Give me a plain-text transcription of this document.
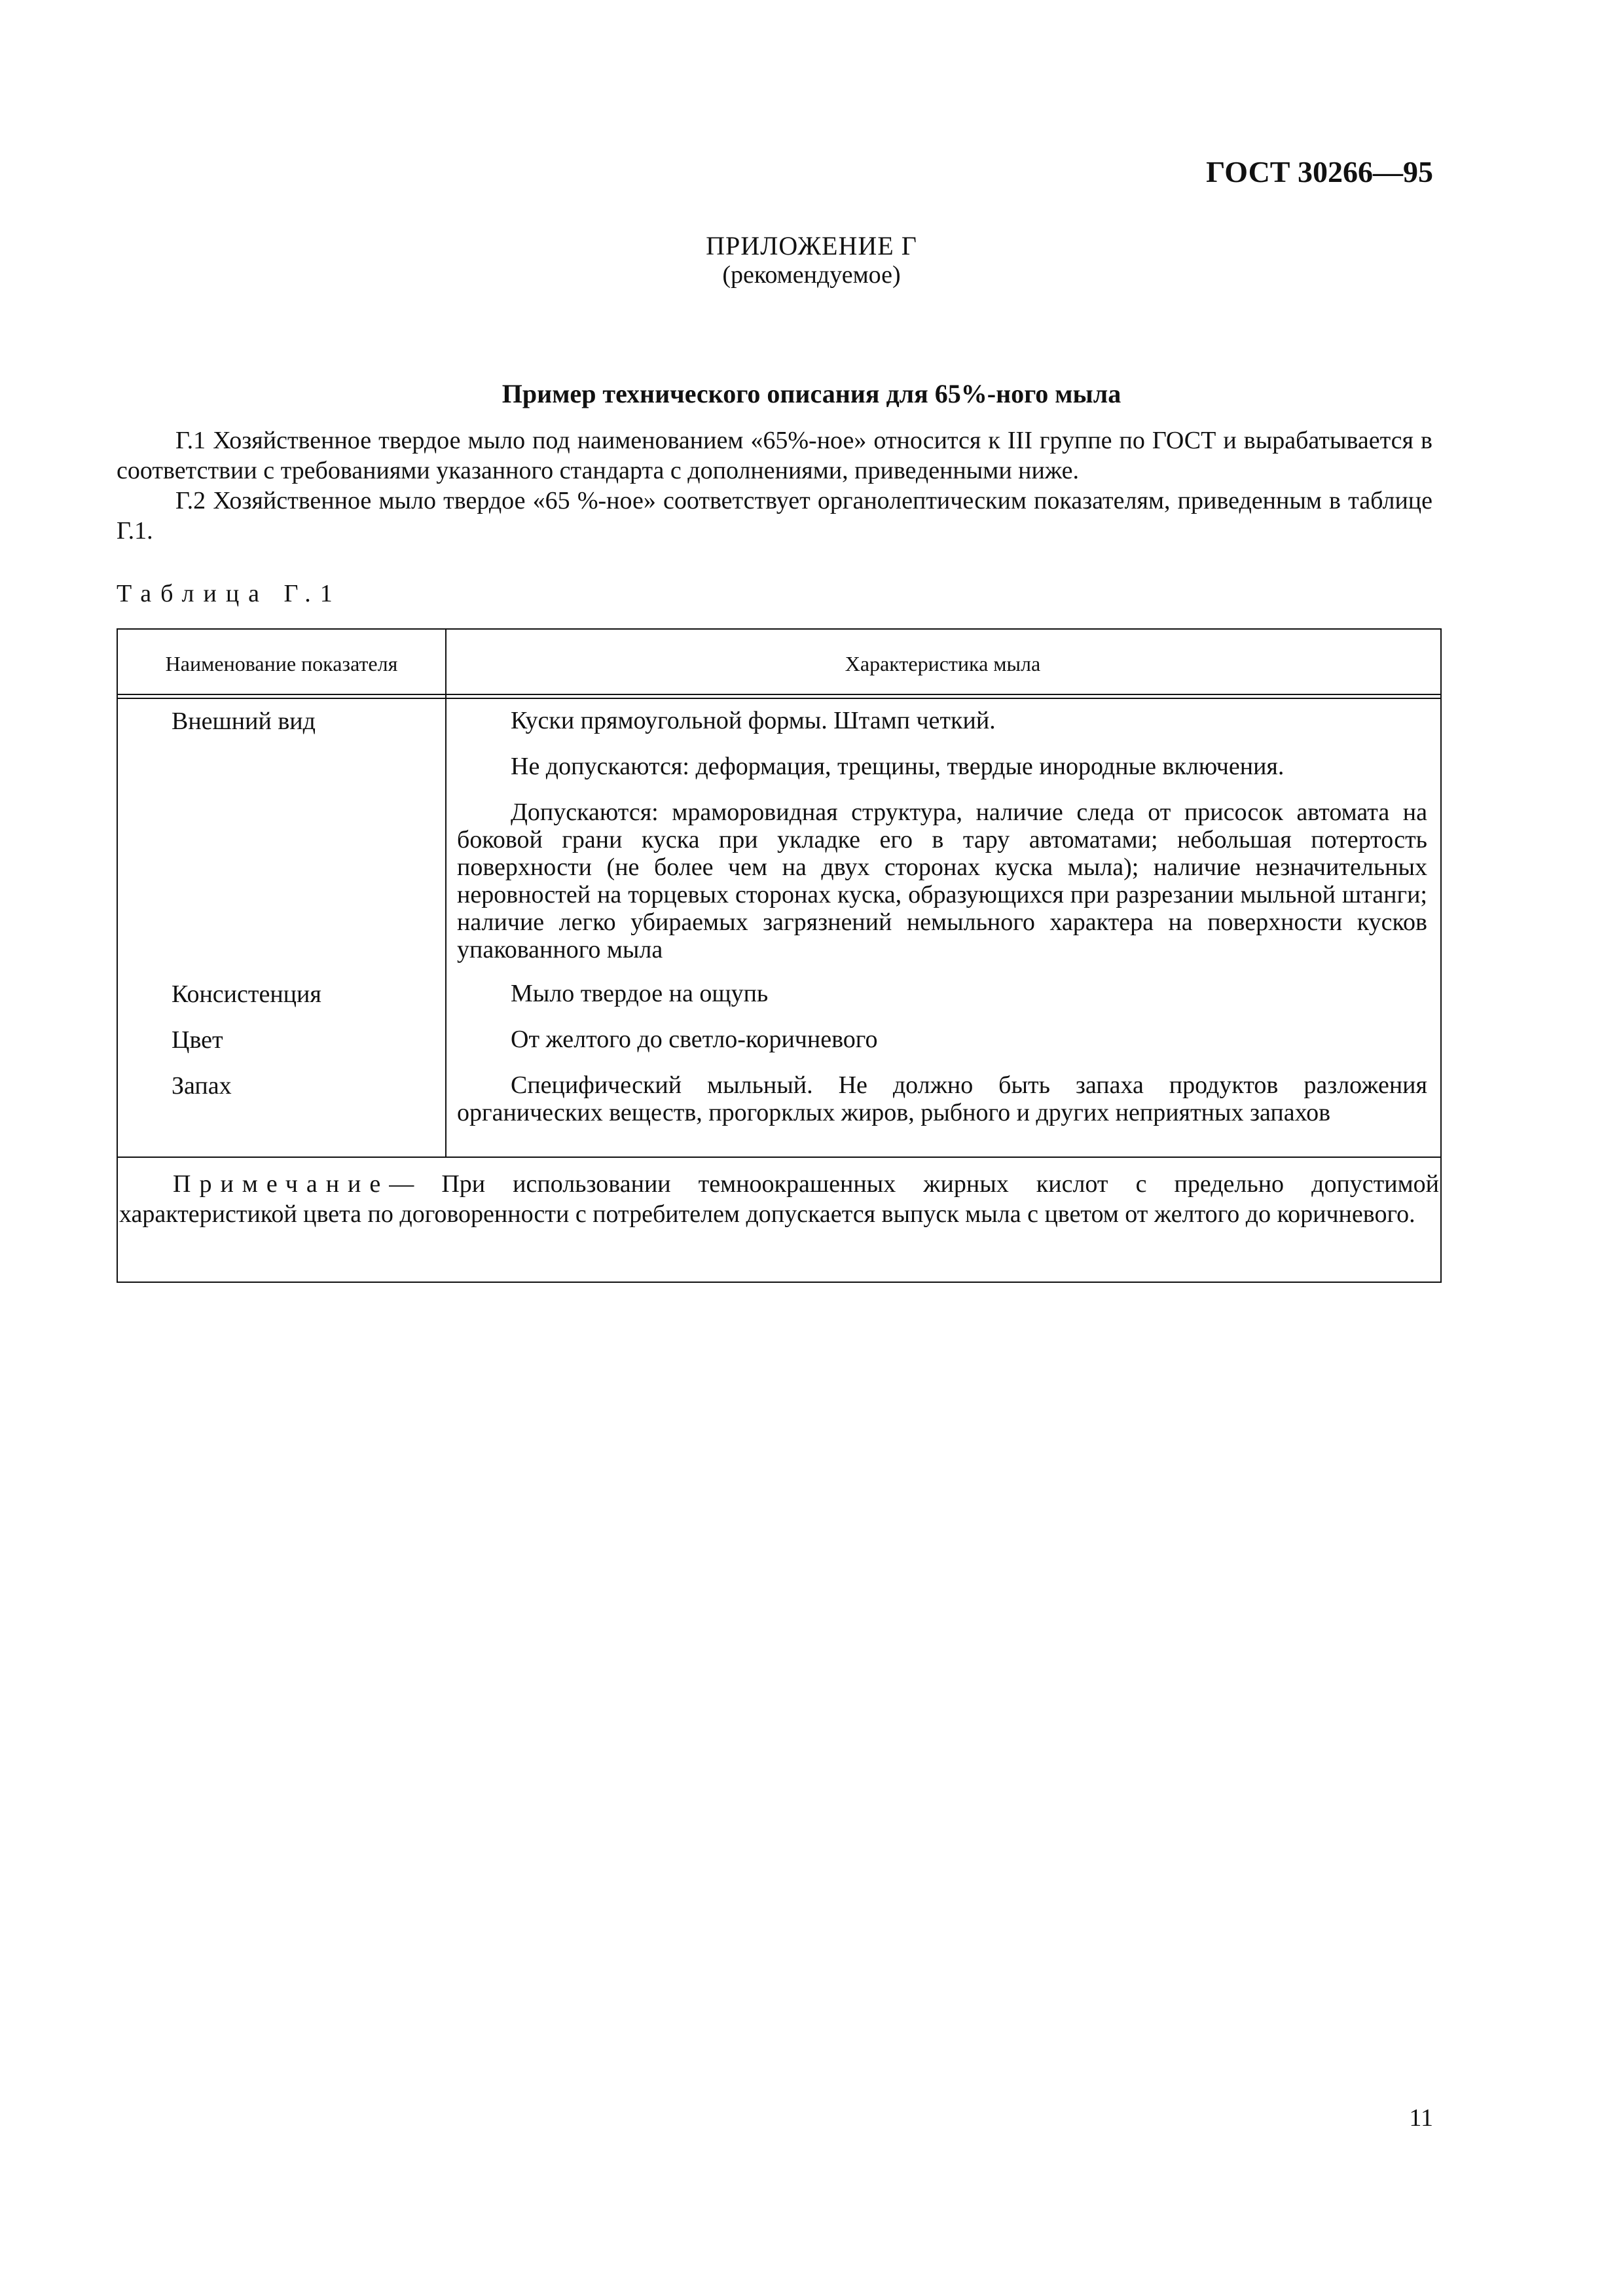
ГОСТ 30266—95
ПРИЛОЖЕНИЕ Г
(рекомендуемое)
Пример технического описания для 65%-ного мыла
Г.1 Хозяйственное твердое мыло под наименованием «65%-ное» относится к III группе по ГОСТ и вырабатывается в соответствии с требованиями указанного стандарта с дополнениями, приведенными ниже.
Г.2 Хозяйственное мыло твердое «65 %-ное» соответствует органолептическим показателям, приведенным в таблице Г.1.
Таблица Г.1
Наименование показателя	Характеристика мыла
Внешний вид	Куски прямоугольной формы. Штамп четкий.
Не допускаются: деформация, трещины, твердые инородные включения.
Допускаются: мраморовидная структура, наличие следа от присосок автомата на боковой грани куска при укладке его в тару автоматами; небольшая потертость поверхности (не более чем на двух сторонах куска мыла); наличие незначительных неровностей на торцевых сторонах куска, образующихся при разрезании мыльной штанги; наличие легко убираемых загрязнений немыльного характера на поверхности кусков упакованного мыла
Консистенция	Мыло твердое на ощупь
Цвет	От желтого до светло-коричневого
Запах	Специфический мыльный. Не должно быть запаха продуктов разложения органических веществ, прогорклых жиров, рыбного и других неприятных запахов
Примечание— При использовании темноокрашенных жирных кислот с предельно допустимой характеристикой цвета по договоренности с потребителем допускается выпуск мыла с цветом от желтого до коричневого.
11
